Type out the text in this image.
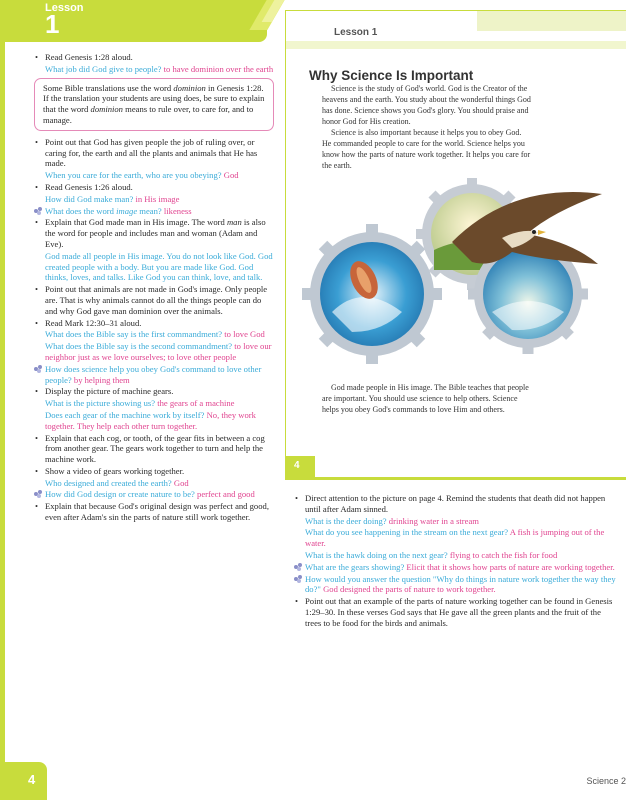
Lesson
1
• Read Genesis 1:28 aloud.
What job did God give to people? to have dominion over the earth
Some Bible translations use the word dominion in Genesis 1:28. If the translation your students are using does, be sure to explain that the word dominion means to rule over, to care for, and to manage.
• Point out that God has given people the job of ruling over, or caring for, the earth and all the plants and animals that He has made.
When you care for the earth, who are you obeying? God
• Read Genesis 1:26 aloud.
How did God make man? in His image
What does the word image mean? likeness
• Explain that God made man in His image. The word man is also the word for people and includes man and woman (Adam and Eve).
God made all people in His image. You do not look like God. God created people with a body. But you are made like God. God thinks, loves, and talks. Like God you can think, love, and talk.
• Point out that animals are not made in God's image. Only people are. That is why animals cannot do all the things people can do and why God gave man dominion over the animals.
• Read Mark 12:30–31 aloud.
What does the Bible say is the first commandment? to love God
What does the Bible say is the second commandment? to love our neighbor just as we love ourselves; to love other people
How does science help you obey God's command to love other people? by helping them
• Display the picture of machine gears.
What is the picture showing us? the gears of a machine
Does each gear of the machine work by itself? No, they work together. They help each other turn together.
• Explain that each cog, or tooth, of the gear fits in between a cog from another gear. The gears work together to turn and help the machine work.
• Show a video of gears working together.
Who designed and created the earth? God
How did God design or create nature to be? perfect and good
• Explain that because God's original design was perfect and good, even after Adam's sin the parts of nature still work together.
Lesson 1
Why Science Is Important

Science is the study of God's world. God is the Creator of the heavens and the earth. You study about the wonderful things God has done. Science shows you God's glory. You should praise and honor God for His creation.

Science is also important because it helps you to obey God. He commanded people to care for the world. Science helps you know how the parts of nature work together. It helps you care for the earth.

God made people in His image. The Bible teaches that people are important. You should use science to help others. Science helps you obey God's commands to love Him and others.

4
• Direct attention to the picture on page 4. Remind the students that death did not happen until after Adam sinned.
What is the deer doing? drinking water in a stream
What do you see happening in the stream on the next gear? A fish is jumping out of the water.
What is the hawk doing on the next gear? flying to catch the fish for food
What are the gears showing? Elicit that it shows how parts of nature are working together.
How would you answer the question "Why do things in nature work together the way they do?" God designed the parts of nature to work together.
• Point out that an example of the parts of nature working together can be found in Genesis 1:29–30. In these verses God says that He gave all the green plants and the fruit of the trees to be food for the birds and animals.
4	Science 2
